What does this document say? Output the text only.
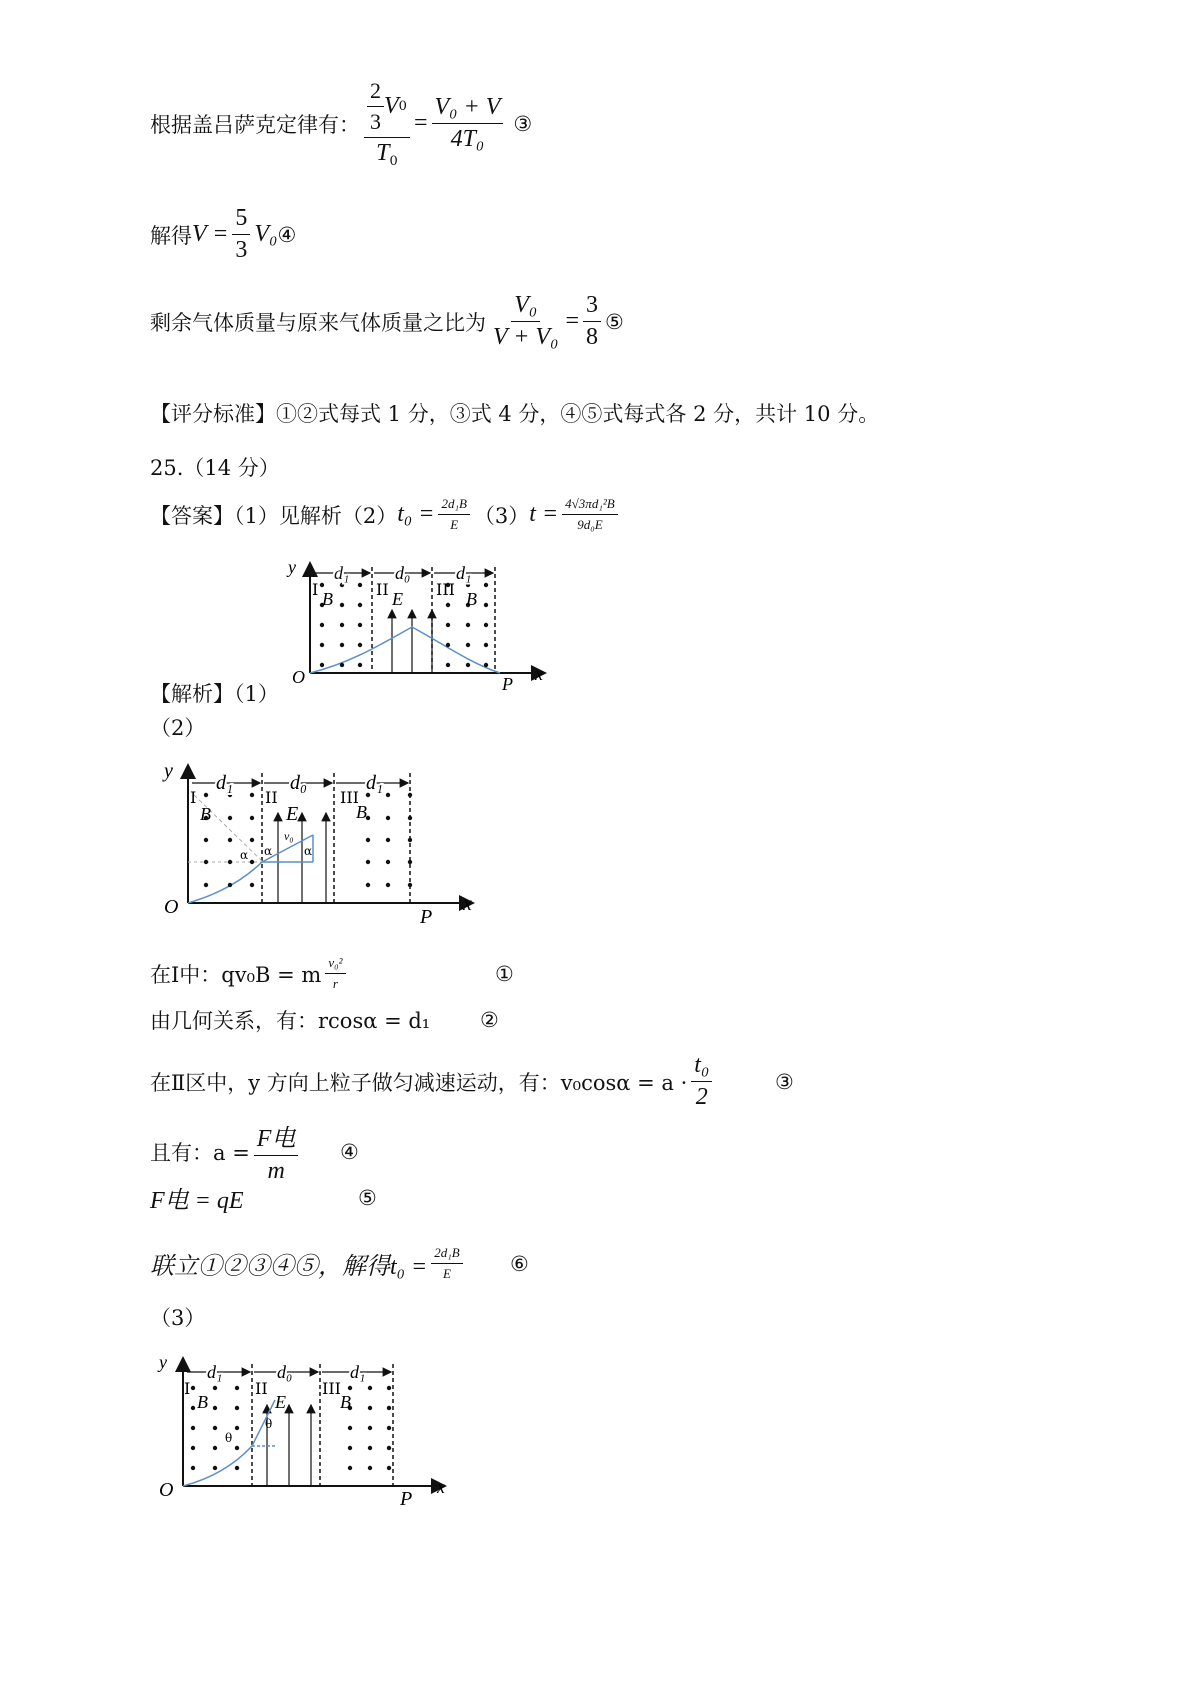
根据盖吕萨克定律有： $\frac{\frac{2}{3} V 0}{T_0} = \frac{\text{V₀ + V}}{\text{4T₀}}$ ③
解得 $V = \frac{5}{3} V_0$ ④
剩余气体质量与原来气体质量之比为 $\frac{\text{V₀}}{\text{V + V₀}} = \frac{3}{8}$ ⑤
【评分标准】①②式每式 1 分，③式 4 分，④⑤式每式各 2 分，共计 10 分。
25.（14 分）
【答案】（1）见解析（2） $t_0 = \frac{\text{2d₁B}}{E} (3) t = \frac{\text{4√3πd₁²B}}{\text{9d₀E}}$
y
O	P x
d₁	d₀	d₁
I	II	III
B	E	B
【解析】（1）
（2）
y
O	P
x
d₁	d₀	d₁
I	II	III
B	E	B
v₀
α α	α
在Ⅰ中：qv₀B = m $\frac{\text{v₀²}}{r}$	①
由几何关系，有：rcosα = d₁ ②
在Ⅱ区中，y 方向上粒子做匀减速运动，有：$v_0\cos\alpha = a \cdot \frac{\text{t₀}}{2}$	③
且有：$a = \frac{\text{F电}}{m}$ ④
F电 = qE	⑤
联立①②③④⑤，解得$t_0 = \frac{\text{2d₁B}}{E}$ ⑥
（3）
y
O	P
x
d₁	d₀	d₁
I	II	III
B	E	B
θ
θ
